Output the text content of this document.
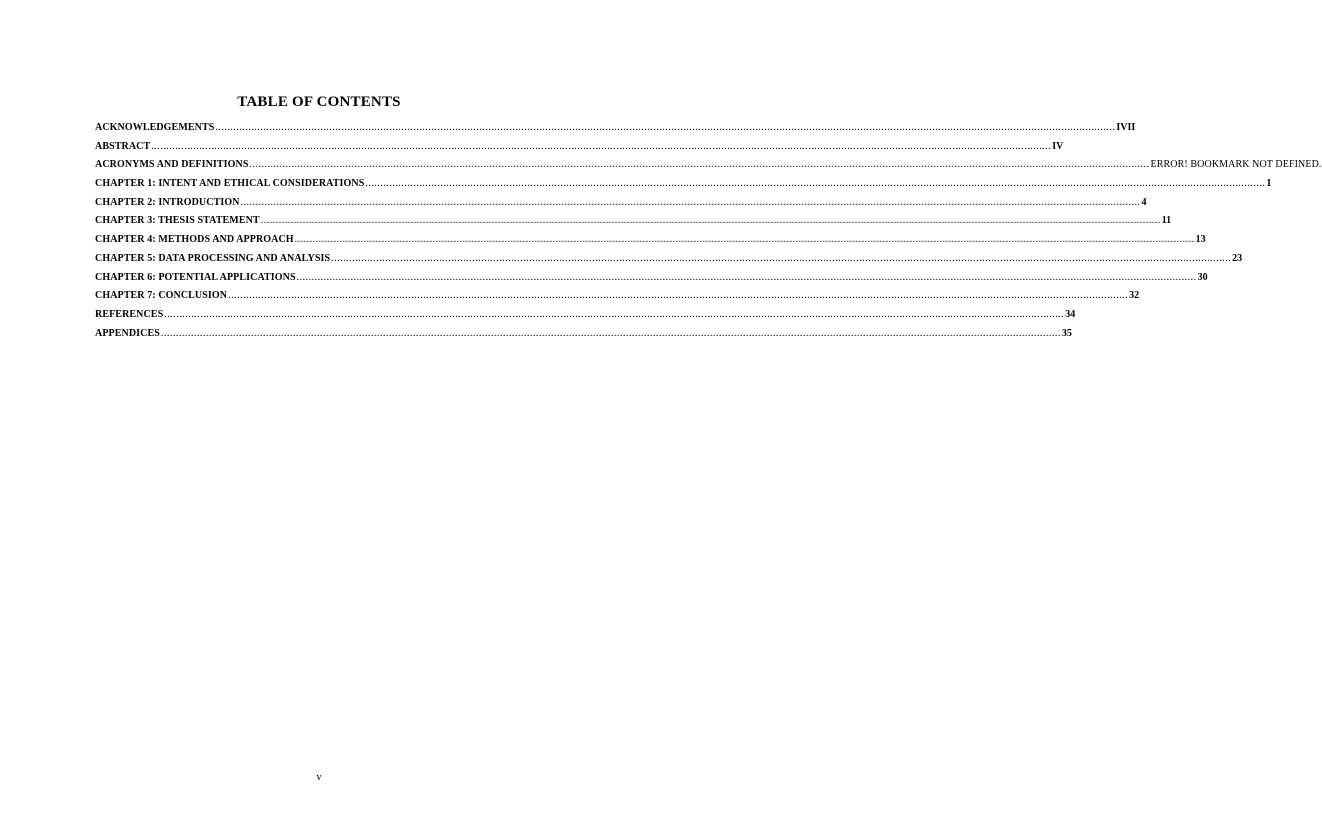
TABLE OF CONTENTS
ACKNOWLEDGEMENTS ............................................................................................................................................................................................................................................................................................................ IVII
ABSTRACT ............................................................................................................................................................................................................................................................................................................ IV
ACRONYMS AND DEFINITIONS ............................................................................................................................................................................................................................................................................................................ ERROR! BOOKMARK NOT DEFINED.
CHAPTER 1: INTENT AND ETHICAL CONSIDERATIONS ............................................................................................................................................................................................................................................................................................................ 1
CHAPTER 2: INTRODUCTION ............................................................................................................................................................................................................................................................................................................ 4
CHAPTER 3: THESIS STATEMENT ............................................................................................................................................................................................................................................................................................................ 11
CHAPTER 4: METHODS AND APPROACH ............................................................................................................................................................................................................................................................................................................ 13
CHAPTER 5: DATA PROCESSING AND ANALYSIS ............................................................................................................................................................................................................................................................................................................ 23
CHAPTER 6: POTENTIAL APPLICATIONS ............................................................................................................................................................................................................................................................................................................ 30
CHAPTER 7: CONCLUSION ............................................................................................................................................................................................................................................................................................................ 32
REFERENCES ............................................................................................................................................................................................................................................................................................................ 34
APPENDICES ............................................................................................................................................................................................................................................................................................................ 35
v
